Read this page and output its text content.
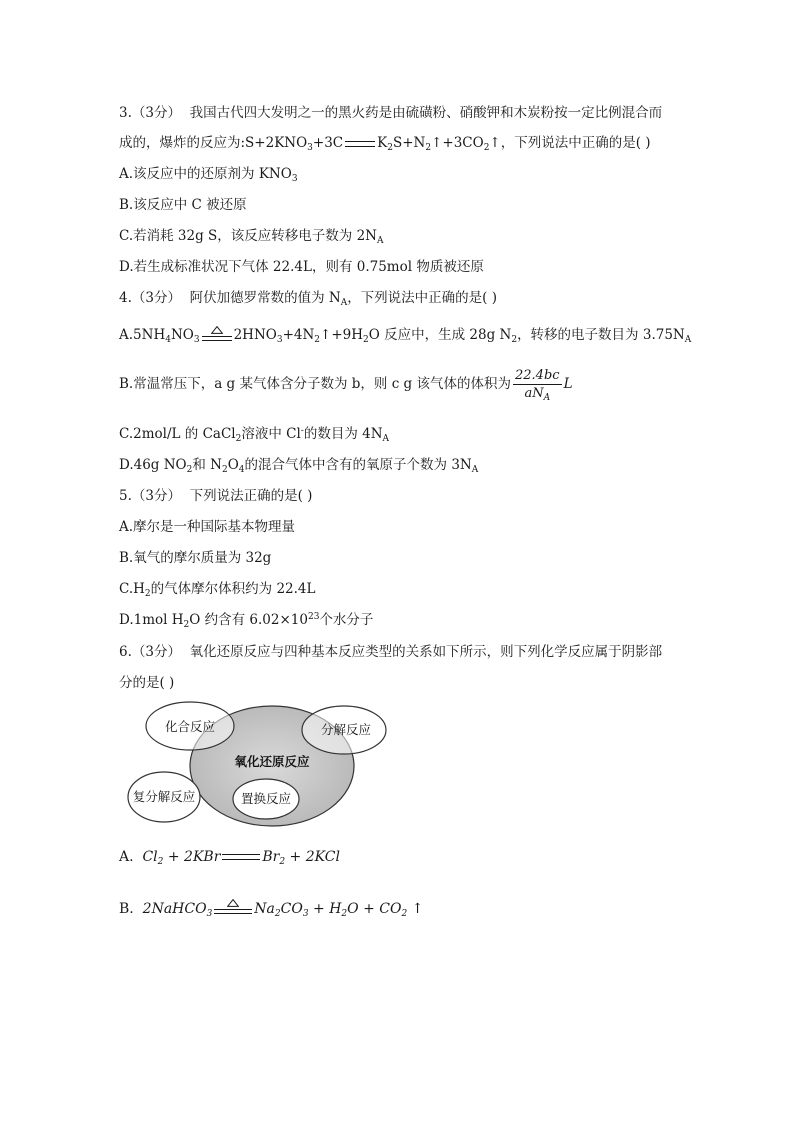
3.（3分） 我国古代四大发明之一的黑火药是由硫磺粉、硝酸钾和木炭粉按一定比例混合而
成的，爆炸的反应为$:S+2KNO_3+3C$	$K_2S+N_2↑+3CO_2↑$，下列说法中正确的是( )
A.该反应中的还原剂为 $KNO_3$
B.该反应中 C 被还原
C.若消耗 32g S，该反应转移电子数为 $2N_A$
D.若生成标准状况下气体 22.4L，则有 0.75mol 物质被还原
4.（3分） 阿伏加德罗常数的值为 $N_A$，下列说法中正确的是( )
$A.5NH_4NO_3$	$2HNO_3+4N_2↑+9H_2O$ 反应中，生成 28g $N_2$，转移的电子数目为 $3.75N_A$
B.常温常压下，a g 某气体含分子数为 b，则 c g 该气体的体积为 $\frac{22.4bc}{aN_A}$ L
C.2mol/L 的 CaCl$_2$溶液中 Cl-的数目为 $4N_A$
D.46g $NO_2$和 $N_2O_4$的混合气体中含有的氧原子个数为 $3N_A$
5.（3分） 下列说法正确的是( )
A.摩尔是一种国际基本物理量
B.氧气的摩尔质量为 32g
$C.H_2$的气体摩尔体积约为 22.4L
D.1mol $H_2O$ 约含有 $6.02\times 10^{23}$个水分子
6.（3分） 氧化还原反应与四种基本反应类型的关系如下所示，则下列化学反应属于阴影部
分的是( )
氧化还原反应
化合反应	分解反应
复分解反应	置换反应
A. $Cl_2 + 2KBr$	$Br_2 + 2KCl$
B. 2NaHCO$_3$	$Na_2CO_3 + H_2O + CO_2$ ↑
